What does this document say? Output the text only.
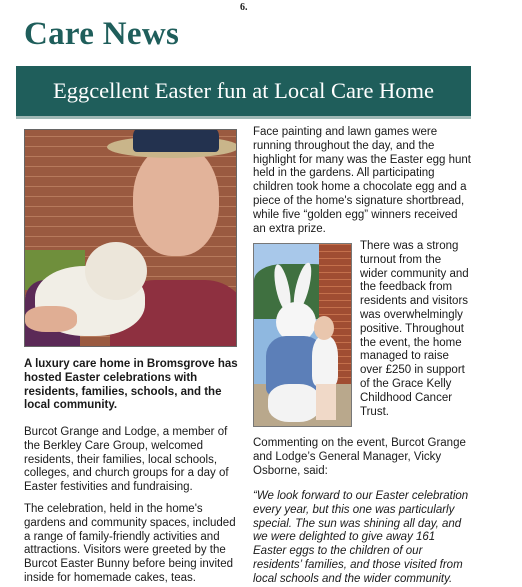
6.
Care News
Eggcellent Easter fun at Local Care Home

A luxury care home in Bromsgrove has hosted Easter celebrations with residents, families, schools, and the local community.

Burcot Grange and Lodge, a member of the Berkley Care Group, welcomed residents, their families, local schools, colleges, and church groups for a day of Easter festivities and fundraising.

The celebration, held in the home's gardens and community spaces, included a range of family-friendly activities and attractions. Visitors were greeted by the Burcot Easter Bunny before being invited inside for homemade cakes, teas.

Face painting and lawn games were running throughout the day, and the highlight for many was the Easter egg hunt held in the gardens. All participating children took home a chocolate egg and a piece of the home's signature shortbread, while five “golden egg” winners received an extra prize.

There was a strong turnout from the wider community and the feedback from residents and visitors was overwhelmingly positive. Throughout the event, the home managed to raise over £250 in support of the Grace Kelly Childhood Cancer Trust.

Commenting on the event, Burcot Grange and Lodge’s General Manager, Vicky Osborne, said:

“We look forward to our Easter celebration every year, but this one was particularly special. The sun was shining all day, and we were delighted to give away 161 Easter eggs to the children of our residents’ families, and those visited from local schools and the wider community.
